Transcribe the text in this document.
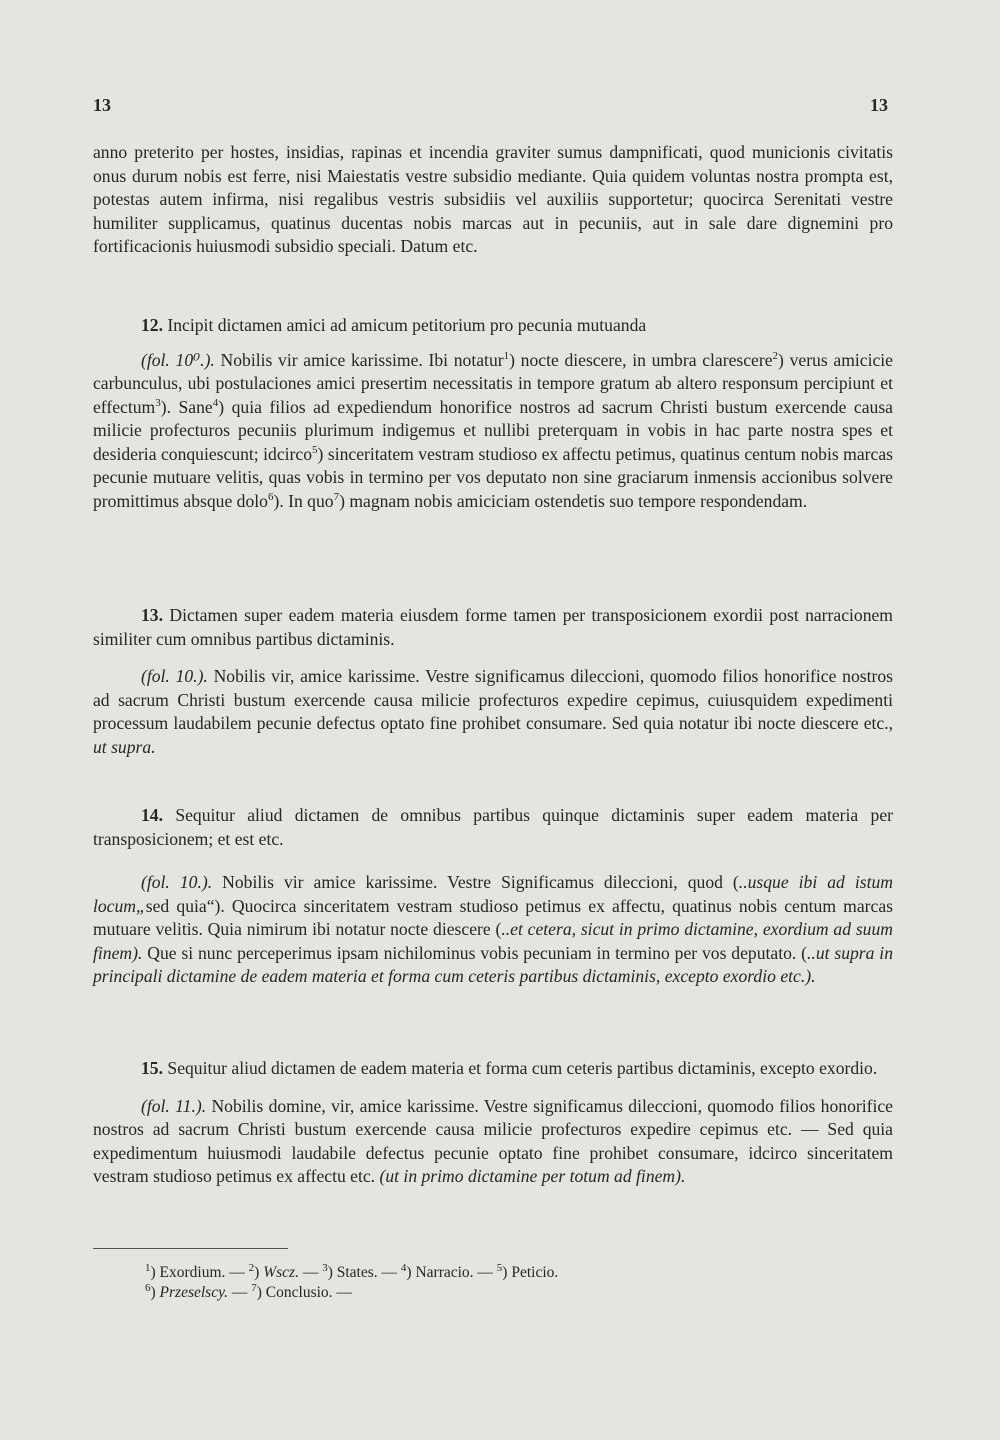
13	13

anno preterito per hostes, insidias, rapinas et incendia graviter sumus dampnificati, quod municionis civitatis onus durum nobis est ferre, nisi Maiestatis vestre subsidio mediante. Quia quidem voluntas nostra prompta est, potestas autem infirma, nisi regalibus vestris subsidiis vel auxiliis supportetur; quocirca Serenitati vestre humiliter supplicamus, quatinus ducentas nobis marcas aut in pecuniis, aut in sale dare dignemini pro fortificacionis huiusmodi subsidio speciali. Datum etc.

12. Incipit dictamen amici ad amicum petitorium pro pecunia mutuanda

(fol. 10⁰.). Nobilis vir amice karissime. Ibi notatur$^1$) nocte diescere, in umbra clarescere$^2$) verus amicicie carbunculus, ubi postulaciones amici presertim necessitatis in tempore gratum ab altero responsum percipiunt et effectum$^3$). Sane$^4$) quia filios ad expediendum honorifice nostros ad sacrum Christi bustum exercende causa milicie profecturos pecuniis plurimum indigemus et nullibi preterquam in vobis in hac parte nostra spes et desideria conquiescunt; idcirco$^5$) sinceritatem vestram studioso ex affectu petimus, quatinus centum nobis marcas pecunie mutuare velitis, quas vobis in termino per vos deputato non sine graciarum inmensis accionibus solvere promittimus absque dolo$^6$). In quo$^7$) magnam nobis amiciciam ostendetis suo tempore respondendam.

13. Dictamen super eadem materia eiusdem forme tamen per transposicionem exordii post narracionem similiter cum omnibus partibus dictaminis.

(fol. 10.). Nobilis vir, amice karissime. Vestre significamus dileccioni, quomodo filios honorifice nostros ad sacrum Christi bustum exercende causa milicie profecturos expedire cepimus, cuiusquidem expedimenti processum laudabilem pecunie defectus optato fine prohibet consumare. Sed quia notatur ibi nocte diescere etc., ut supra.

14. Sequitur aliud dictamen de omnibus partibus quinque dictaminis super eadem materia per transposicionem; et est etc.

(fol. 10.). Nobilis vir amice karissime. Vestre Significamus dileccioni, quod (..usque ibi ad istum locum„sed quia“). Quocirca sinceritatem vestram studioso petimus ex affectu, quatinus nobis centum marcas mutuare velitis. Quia nimirum ibi notatur nocte diescere (..et cetera, sicut in primo dictamine, exordium ad suum finem). Que si nunc perceperimus ipsam nichilominus vobis pecuniam in termino per vos deputato. (..ut supra in principali dictamine de eadem materia et forma cum ceteris partibus dictaminis, excepto exordio etc.).

15. Sequitur aliud dictamen de eadem materia et forma cum ceteris partibus dictaminis, excepto exordio.

(fol. 11.). Nobilis domine, vir, amice karissime. Vestre significamus dileccioni, quomodo filios honorifice nostros ad sacrum Christi bustum exercende causa milicie profecturos expedire cepimus etc. — Sed quia expedimentum huiusmodi laudabile defectus pecunie optato fine prohibet consumare, idcirco sinceritatem vestram studioso petimus ex affectu etc. (ut in primo dictamine per totum ad finem).

$^1$) Exordium. — $^2$) Wscz. — $^3$) States. — $^4$) Narracio. — $^5$) Peticio.
$^6$) Przeselscy. — $^7$) Conclusio. —
